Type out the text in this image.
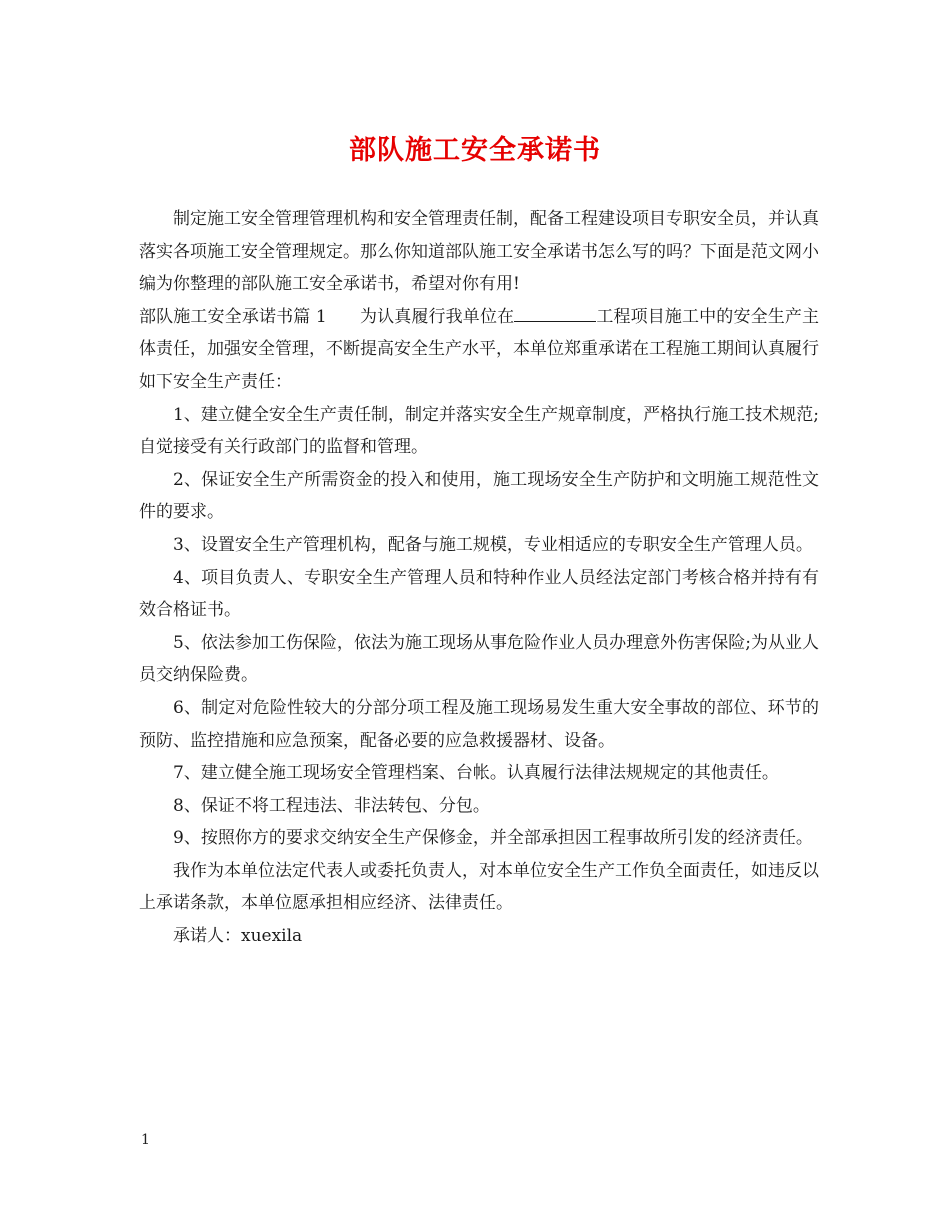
部队施工安全承诺书

制定施工安全管理管理机构和安全管理责任制，配备工程建设项目专职安全员，并认真落实各项施工安全管理规定。那么你知道部队施工安全承诺书怎么写的吗？下面是范文网小编为你整理的部队施工安全承诺书，希望对你有用!

部队施工安全承诺书篇 1 为认真履行我单位在	工程项目施工中的安全生产主体责任，加强安全管理，不断提高安全生产水平，本单位郑重承诺在工程施工期间认真履行如下安全生产责任：

1、建立健全安全生产责任制，制定并落实安全生产规章制度，严格执行施工技术规范;自觉接受有关行政部门的监督和管理。

2、保证安全生产所需资金的投入和使用，施工现场安全生产防护和文明施工规范性文件的要求。

3、设置安全生产管理机构，配备与施工规模，专业相适应的专职安全生产管理人员。

4、项目负责人、专职安全生产管理人员和特种作业人员经法定部门考核合格并持有有效合格证书。

5、依法参加工伤保险，依法为施工现场从事危险作业人员办理意外伤害保险;为从业人员交纳保险费。

6、制定对危险性较大的分部分项工程及施工现场易发生重大安全事故的部位、环节的预防、监控措施和应急预案，配备必要的应急救援器材、设备。

7、建立健全施工现场安全管理档案、台帐。认真履行法律法规规定的其他责任。

8、保证不将工程违法、非法转包、分包。

9、按照你方的要求交纳安全生产保修金，并全部承担因工程事故所引发的经济责任。

我作为本单位法定代表人或委托负责人，对本单位安全生产工作负全面责任，如违反以上承诺条款，本单位愿承担相应经济、法律责任。

承诺人：xuexila

1
